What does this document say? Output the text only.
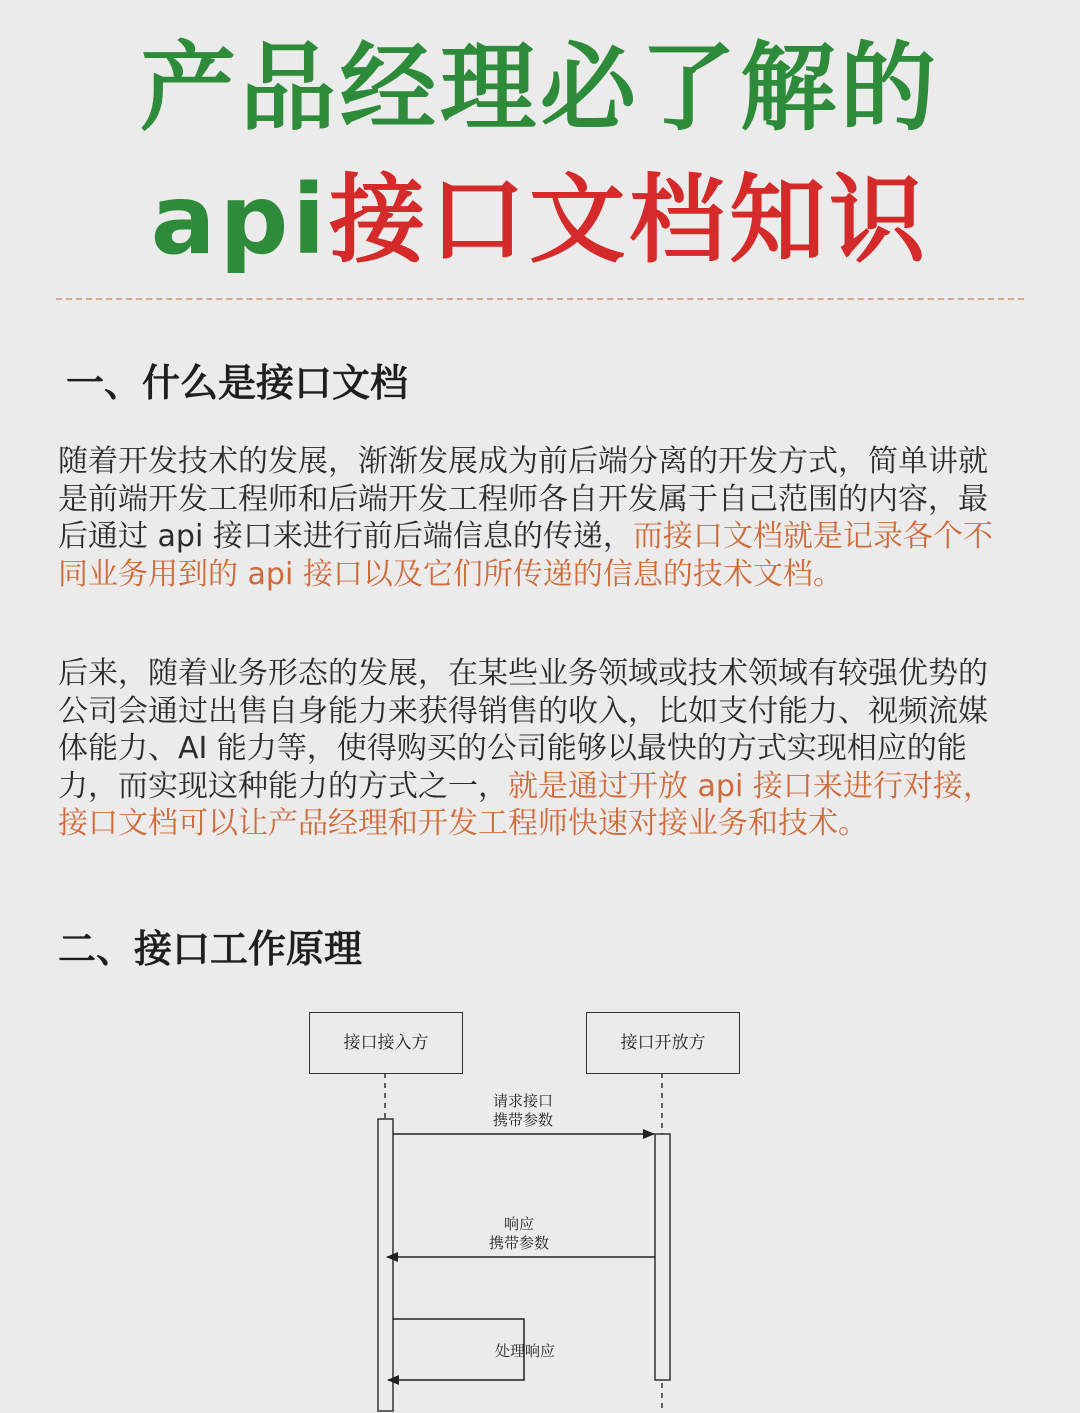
产品经理必了解的
api接口文档知识
一、什么是接口文档
随着开发技术的发展，渐渐发展成为前后端分离的开发方式，简单讲就是前端开发工程师和后端开发工程师各自开发属于自己范围的内容，最后通过 api 接口来进行前后端信息的传递，而接口文档就是记录各个不同业务用到的 api 接口以及它们所传递的信息的技术文档。
后来，随着业务形态的发展，在某些业务领域或技术领域有较强优势的公司会通过出售自身能力来获得销售的收入，比如支付能力、视频流媒体能力、AI 能力等，使得购买的公司能够以最快的方式实现相应的能力，而实现这种能力的方式之一，就是通过开放 api 接口来进行对接，接口文档可以让产品经理和开发工程师快速对接业务和技术。
二、接口工作原理
接口接入方	接口开放方
请求接口
携带参数
响应
携带参数
处理响应
